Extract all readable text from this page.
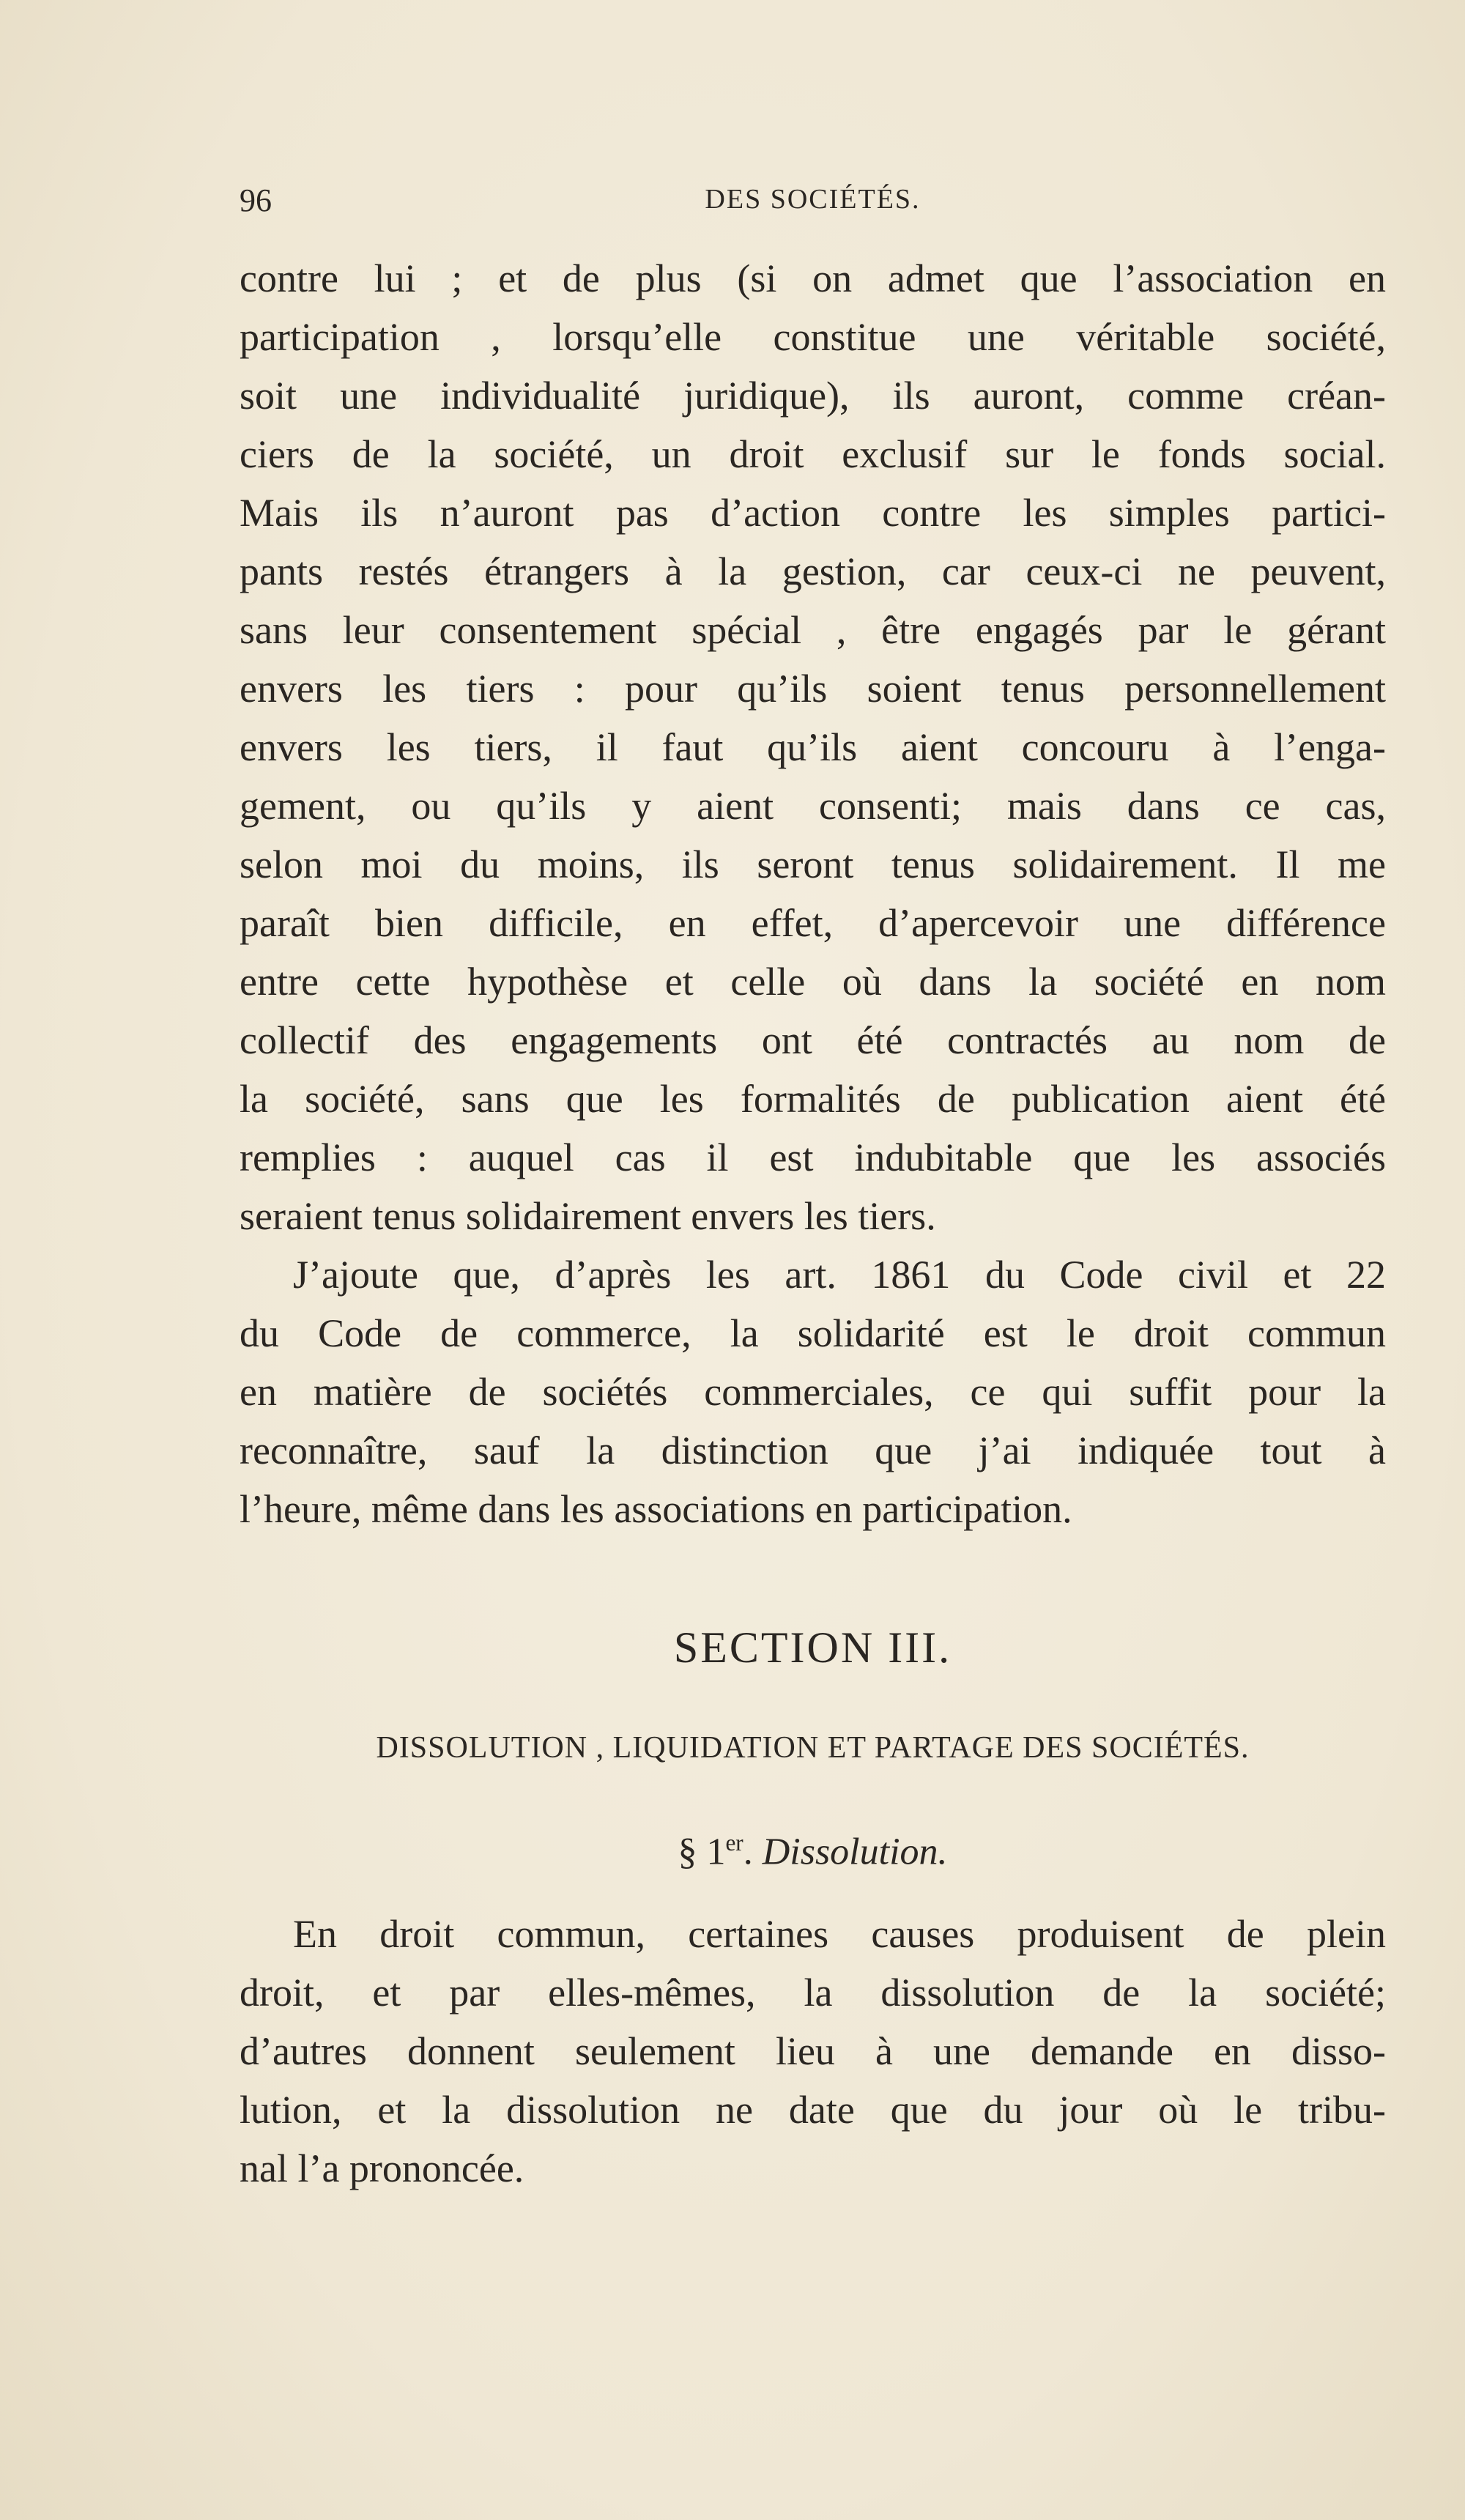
96	DES SOCIÉTÉS.
contre lui ; et de plus (si on admet que l’association en
participation , lorsqu’elle constitue une véritable société,
soit une individualité juridique), ils auront, comme créan-
ciers de la société, un droit exclusif sur le fonds social.
Mais ils n’auront pas d’action contre les simples partici-
pants restés étrangers à la gestion, car ceux-ci ne peuvent,
sans leur consentement spécial , être engagés par le gérant
envers les tiers : pour qu’ils soient tenus personnellement
envers les tiers, il faut qu’ils aient concouru à l’enga-
gement, ou qu’ils y aient consenti; mais dans ce cas,
selon moi du moins, ils seront tenus solidairement. Il me
paraît bien difficile, en effet, d’apercevoir une différence
entre cette hypothèse et celle où dans la société en nom
collectif des engagements ont été contractés au nom de
la société, sans que les formalités de publication aient été
remplies : auquel cas il est indubitable que les associés
seraient tenus solidairement envers les tiers.
J’ajoute que, d’après les art. 1861 du Code civil et 22
du Code de commerce, la solidarité est le droit commun
en matière de sociétés commerciales, ce qui suffit pour la
reconnaître, sauf la distinction que j’ai indiquée tout à
l’heure, même dans les associations en participation.
SECTION III.
DISSOLUTION , LIQUIDATION ET PARTAGE DES SOCIÉTÉS.
§ 1er. Dissolution.
En droit commun, certaines causes produisent de plein
droit, et par elles-mêmes, la dissolution de la société;
d’autres donnent seulement lieu à une demande en disso-
lution, et la dissolution ne date que du jour où le tribu-
nal l’a prononcée.
